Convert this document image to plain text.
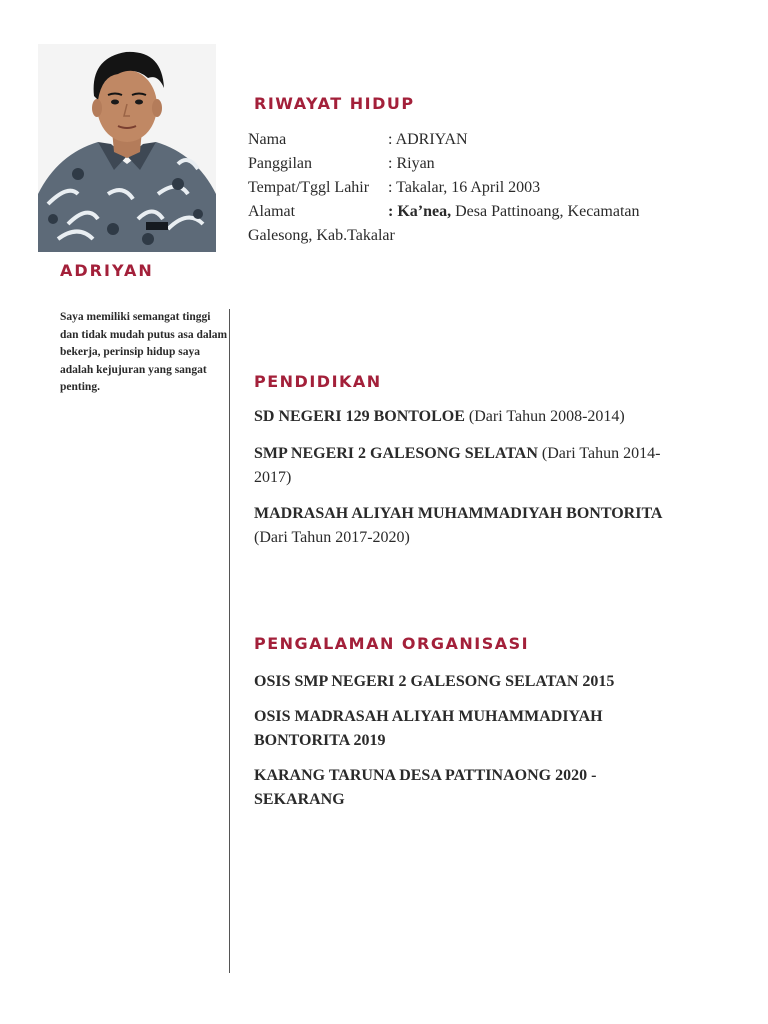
ADRIYAN
Saya memiliki semangat tinggi dan tidak mudah putus asa dalam bekerja, perinsip hidup saya adalah kejujuran yang sangat penting.
RIWAYAT HIDUP
Nama	: ADRIYAN
Panggilan	: Riyan
Tempat/Tggl Lahir	: Takalar, 16 April 2003
Alamat	: Ka’nea, Desa Pattinoang, Kecamatan
Galesong, Kab.Takalar
PENDIDIKAN
SD NEGERI 129 BONTOLOE (Dari Tahun 2008-2014)
SMP NEGERI 2 GALESONG SELATAN (Dari Tahun 2014-2017)
MADRASAH ALIYAH MUHAMMADIYAH BONTORITA (Dari Tahun 2017-2020)
PENGALAMAN ORGANISASI
OSIS SMP NEGERI 2 GALESONG SELATAN 2015
OSIS MADRASAH ALIYAH MUHAMMADIYAH BONTORITA 2019
KARANG TARUNA DESA PATTINAONG 2020 - SEKARANG
